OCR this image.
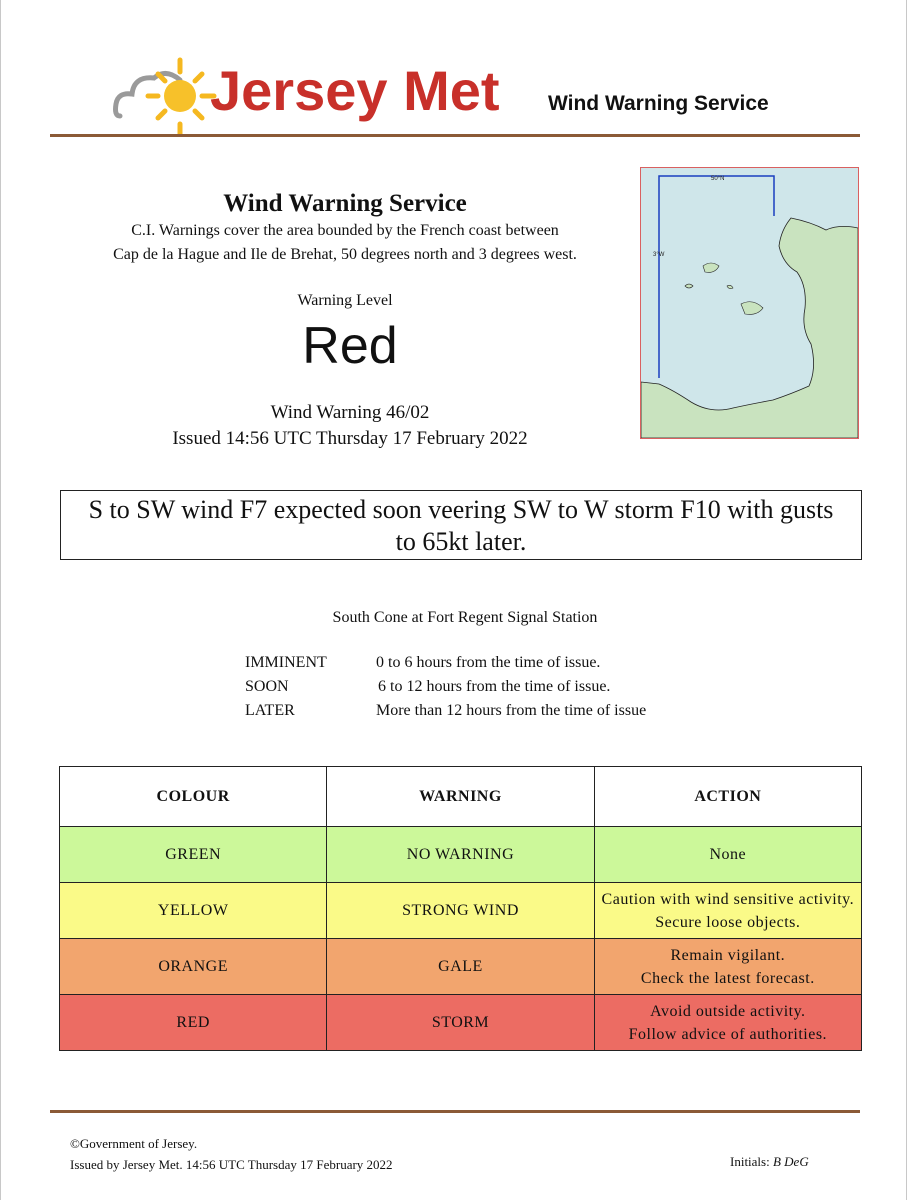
Jersey Met Wind Warning Service
Wind Warning Service
C.I. Warnings cover the area bounded by the French coast between
Cap de la Hague and Ile de Brehat, 50 degrees north and 3 degrees west.
Warning Level
Red
Wind Warning 46/02
Issued 14:56 UTC Thursday 17 February 2022
50°N
3°W
S to SW wind F7 expected soon veering SW to W storm F10 with gusts
to 65kt later.
South Cone at Fort Regent Signal Station
IMMINENT	0 to 6 hours from the time of issue.
SOON	6 to 12 hours from the time of issue.
LATER	More than 12 hours from the time of issue
COLOUR	WARNING	ACTION
GREEN	NO WARNING	None

YELLOW	STRONG WIND	Caution with wind sensitive activity.
Secure loose objects.

ORANGE	GALE	Remain vigilant.
Check the latest forecast.

RED	STORM	Avoid outside activity.
Follow advice of authorities.
©Government of Jersey.
Issued by Jersey Met. 14:56 UTC Thursday 17 February 2022	Initials: B DeG
